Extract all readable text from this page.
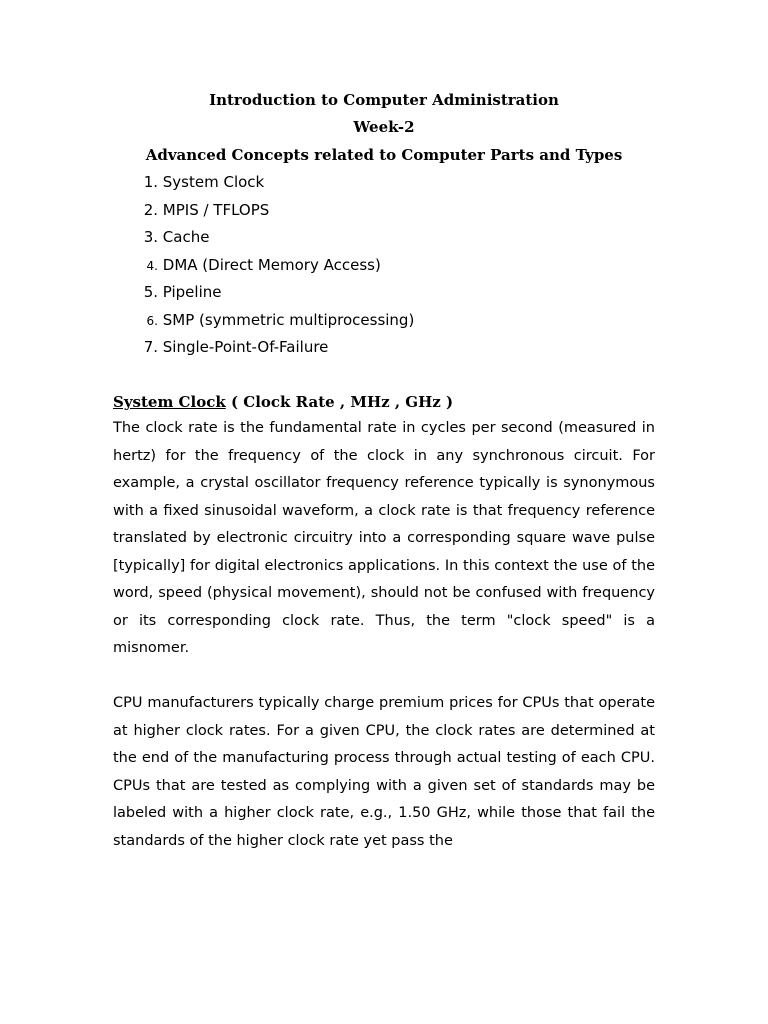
Introduction to Computer Administration
Week-2
Advanced Concepts related to Computer Parts and Types
1. System Clock
2. MPIS / TFLOPS
3. Cache
4. DMA (Direct Memory Access)
5. Pipeline
6. SMP (symmetric multiprocessing)
7. Single-Point-Of-Failure
System Clock ( Clock Rate , MHz , GHz )

The clock rate is the fundamental rate in cycles per second (measured in hertz) for the frequency of the clock in any synchronous circuit. For example, a crystal oscillator frequency reference typically is synonymous with a fixed sinusoidal waveform, a clock rate is that frequency reference translated by electronic circuitry into a corresponding square wave pulse [typically] for digital electronics applications. In this context the use of the word, speed (physical movement), should not be confused with frequency or its corresponding clock rate. Thus, the term "clock speed" is a misnomer.

CPU manufacturers typically charge premium prices for CPUs that operate at higher clock rates. For a given CPU, the clock rates are determined at the end of the manufacturing process through actual testing of each CPU. CPUs that are tested as complying with a given set of standards may be labeled with a higher clock rate, e.g., 1.50 GHz, while those that fail the standards of the higher clock rate yet pass the
